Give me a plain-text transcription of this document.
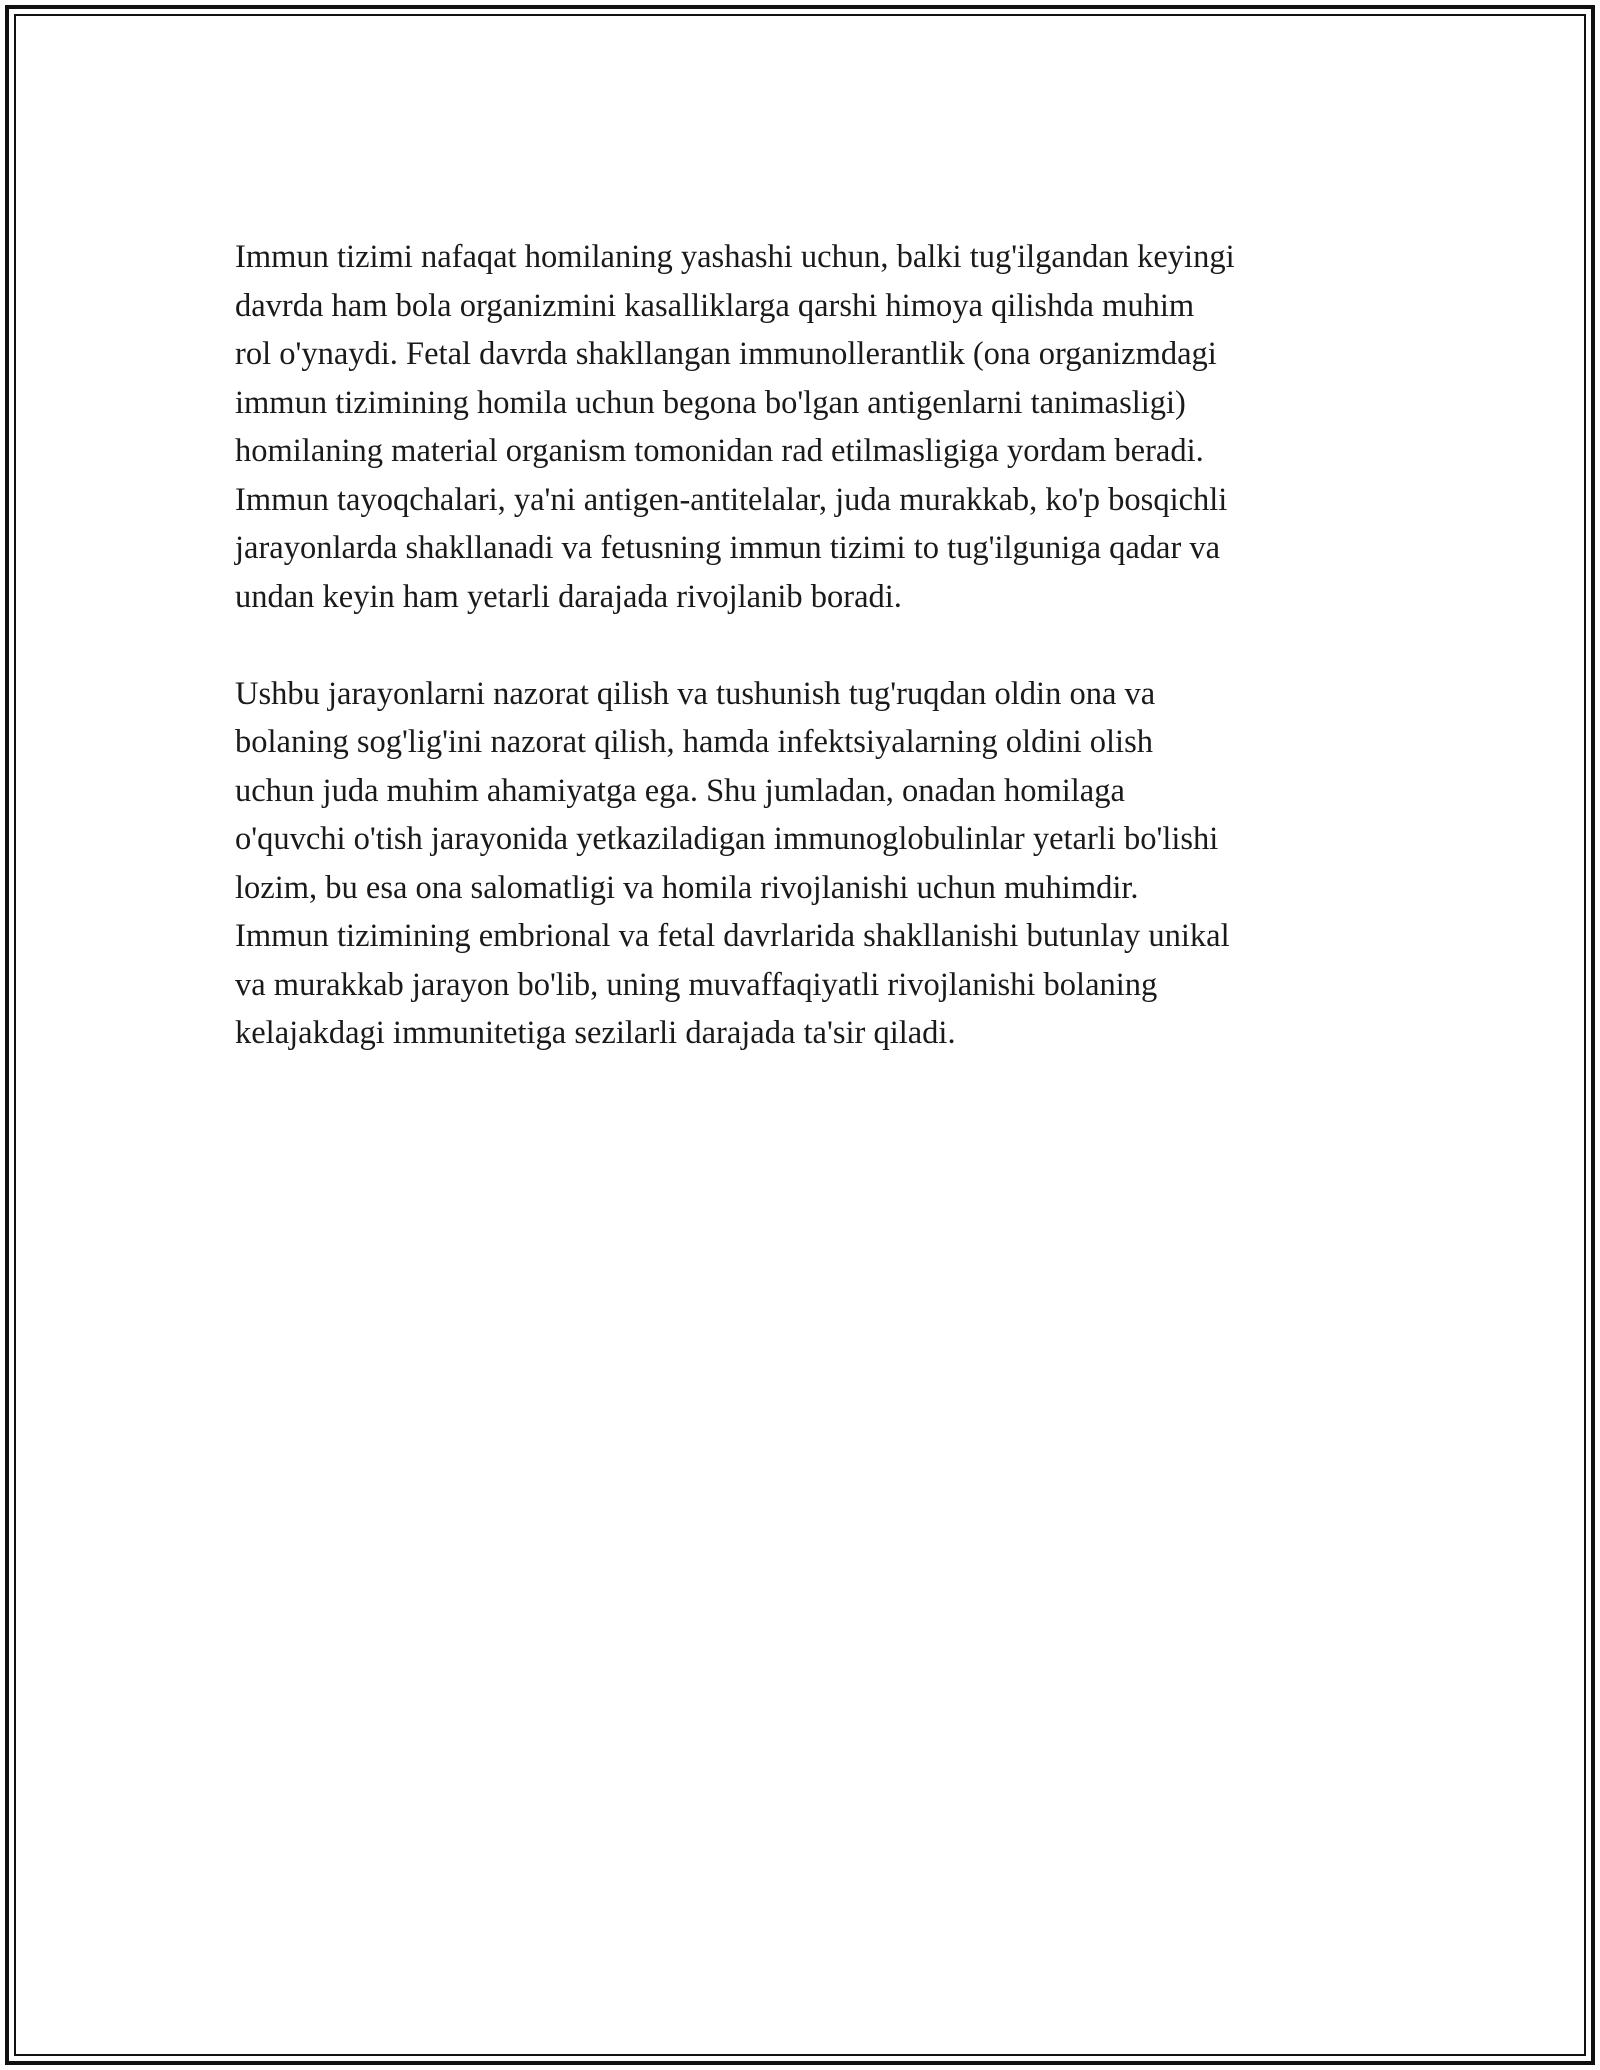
Immun tizimi nafaqat homilaning yashashi uchun, balki tug'ilgandan keyingi
davrda ham bola organizmini kasalliklarga qarshi himoya qilishda muhim
rol o'ynaydi. Fetal davrda shakllangan immunollerantlik (ona organizmdagi
immun tizimining homila uchun begona bo'lgan antigenlarni tanimasligi)
homilaning material organism tomonidan rad etilmasligiga yordam beradi.
Immun tayoqchalari, ya'ni antigen-antitelalar, juda murakkab, ko'p bosqichli
jarayonlarda shakllanadi va fetusning immun tizimi to tug'ilguniga qadar va
undan keyin ham yetarli darajada rivojlanib boradi.

Ushbu jarayonlarni nazorat qilish va tushunish tug'ruqdan oldin ona va
bolaning sog'lig'ini nazorat qilish, hamda infektsiyalarning oldini olish
uchun juda muhim ahamiyatga ega. Shu jumladan, onadan homilaga
o'quvchi o'tish jarayonida yetkaziladigan immunoglobulinlar yetarli bo'lishi
lozim, bu esa ona salomatligi va homila rivojlanishi uchun muhimdir.
Immun tizimining embrional va fetal davrlarida shakllanishi butunlay unikal
va murakkab jarayon bo'lib, uning muvaffaqiyatli rivojlanishi bolaning
kelajakdagi immunitetiga sezilarli darajada ta'sir qiladi.
